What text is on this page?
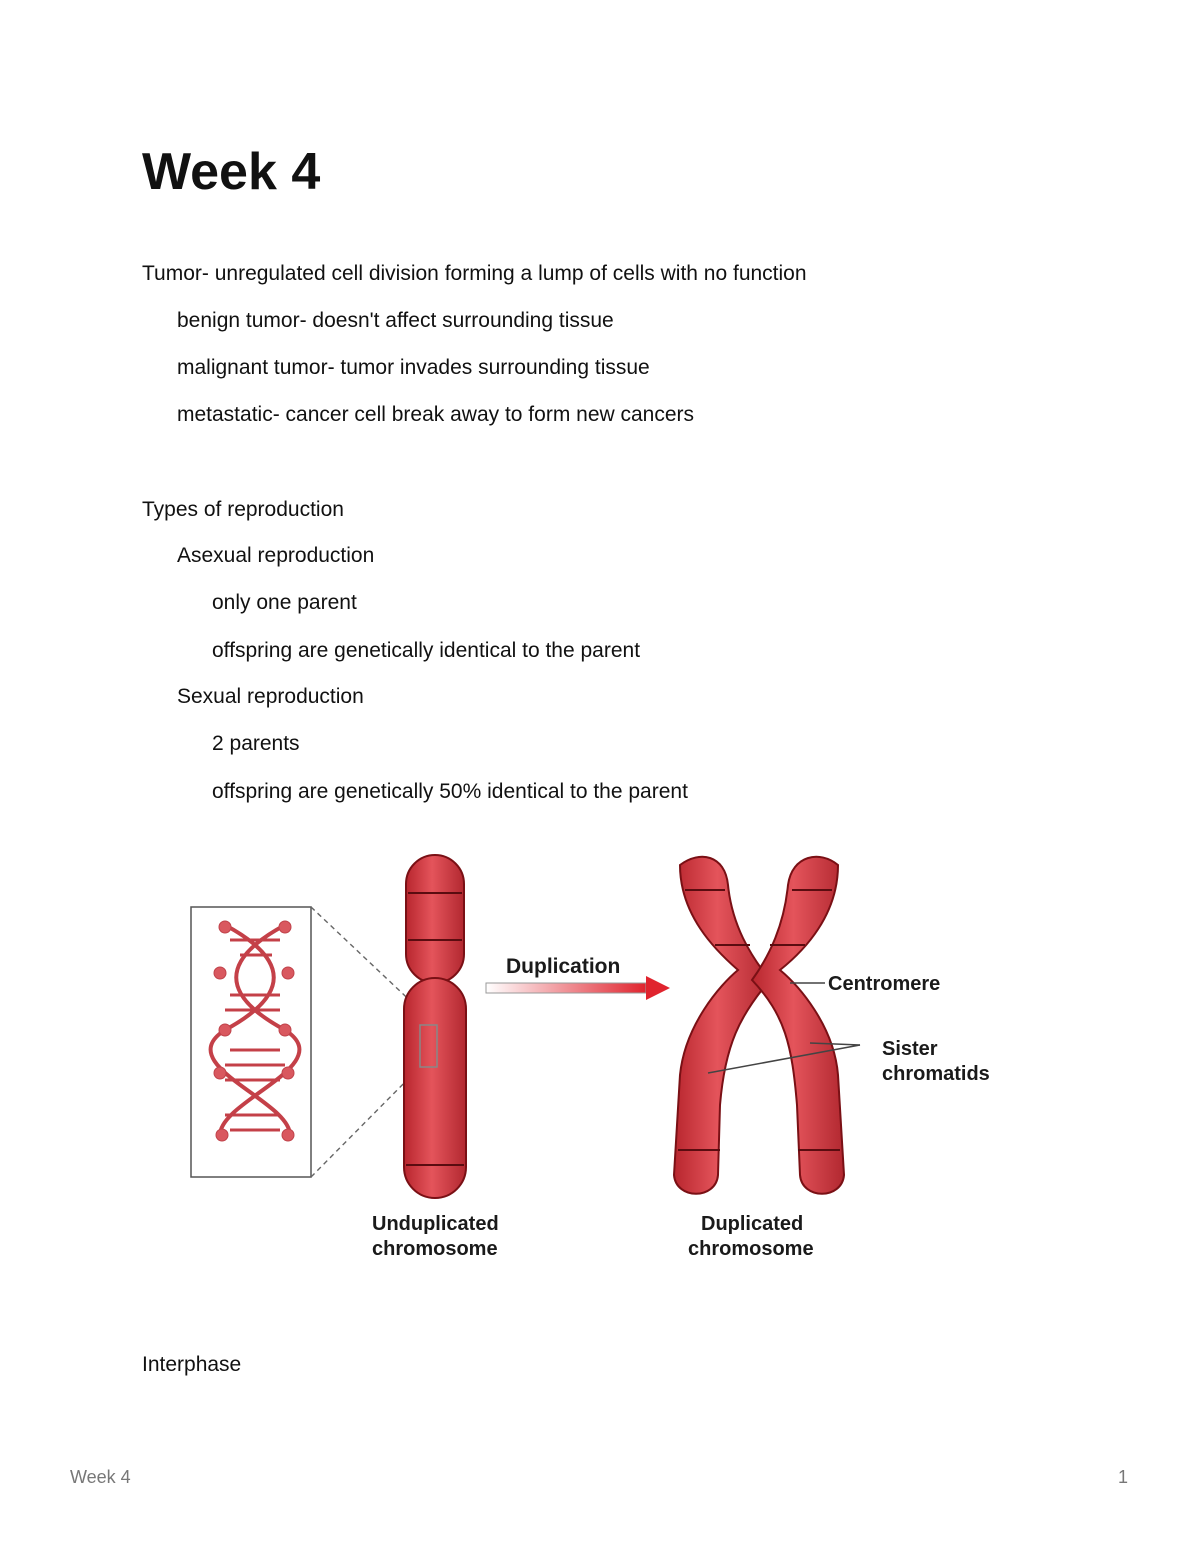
Week 4
Tumor- unregulated cell division forming a lump of cells with no function
benign tumor- doesn't affect surrounding tissue
malignant tumor- tumor invades surrounding tissue
metastatic- cancer cell break away to form new cancers
Types of reproduction
Asexual reproduction
only one parent
offspring are genetically identical to the parent
Sexual reproduction
2 parents
offspring are genetically 50% identical to the parent
Duplication
Centromere
Sister
chromatids
Unduplicated
chromosome
Duplicated
chromosome
Interphase
Week 4	1
